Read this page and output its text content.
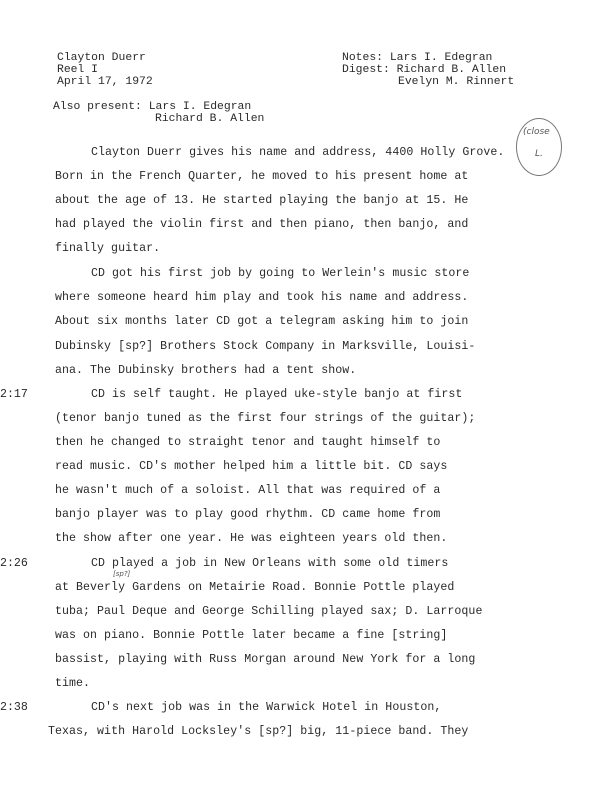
Clayton Duerr
Reel I
April 17, 1972
Notes: Lars I. Edegran
Digest: Richard B. Allen
Evelyn M. Rinnert
Also present: Lars I. Edegran
Richard B. Allen
(close
L.
Clayton Duerr gives his name and address, 4400 Holly Grove.
Born in the French Quarter, he moved to his present home at
about the age of 13. He started playing the banjo at 15. He
had played the violin first and then piano, then banjo, and
finally guitar.
CD got his first job by going to Werlein's music store
where someone heard him play and took his name and address.
About six months later CD got a telegram asking him to join
Dubinsky [sp?] Brothers Stock Company in Marksville, Louisi-
ana. The Dubinsky brothers had a tent show.
2:17	CD is self taught. He played uke-style banjo at first
(tenor banjo tuned as the first four strings of the guitar);
then he changed to straight tenor and taught himself to
read music. CD's mother helped him a little bit. CD says
he wasn't much of a soloist. All that was required of a
banjo player was to play good rhythm. CD came home from
the show after one year. He was eighteen years old then.
2:26	CD played a job in New Orleans with some old timers
[sp?]
at Beverly Gardens on Metairie Road. Bonnie Pottle played
tuba; Paul Deque and George Schilling played sax; D. Larroque
was on piano. Bonnie Pottle later became a fine [string]
bassist, playing with Russ Morgan around New York for a long
time.
2:38	CD's next job was in the Warwick Hotel in Houston,
Texas, with Harold Locksley's [sp?] big, 11-piece band. They
